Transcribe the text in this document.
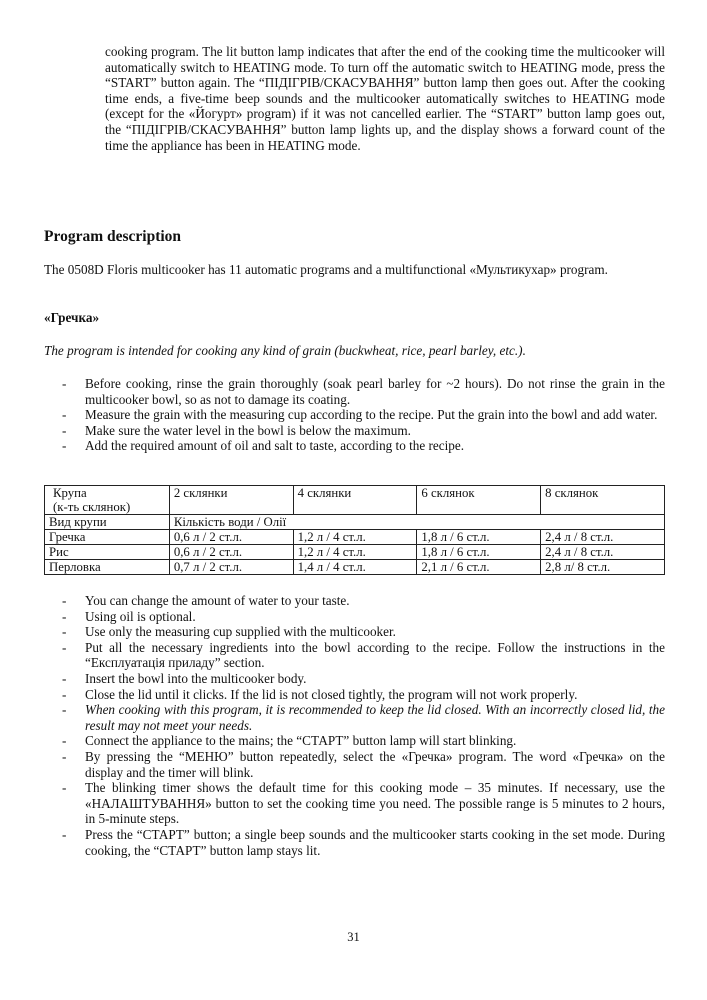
cooking program. The lit button lamp indicates that after the end of the cooking time the multicooker will automatically switch to HEATING mode. To turn off the automatic switch to HEATING mode, press the “START” button again. The “ПІДІГРІВ/СКАСУВАННЯ” button lamp then goes out. After the cooking time ends, a five-time beep sounds and the multicooker automatically switches to HEATING mode (except for the «Йогурт» program) if it was not cancelled earlier. The “START” button lamp goes out, the “ПІДІГРІВ/СКАСУВАННЯ” button lamp lights up, and the display shows a forward count of the time the appliance has been in HEATING mode.
Program description
The 0508D Floris multicooker has 11 automatic programs and a multifunctional «Мультикухар» program.
«Гречка»
The program is intended for cooking any kind of grain (buckwheat, rice, pearl barley, etc.).
- Before cooking, rinse the grain thoroughly (soak pearl barley for ~2 hours). Do not rinse the grain in the multicooker bowl, so as not to damage its coating.
- Measure the grain with the measuring cup according to the recipe. Put the grain into the bowl and add water.
- Make sure the water level in the bowl is below the maximum.
- Add the required amount of oil and salt to taste, according to the recipe.
Крупа
(к-ть склянок)	2 склянки	4 склянки	6 склянок	8 склянок
Вид крупи	Кількість води / Олії			
Гречка	0,6 л / 2 ст.л.	1,2 л / 4 ст.л.	1,8 л / 6 ст.л.	2,4 л / 8 ст.л.
Рис	0,6 л / 2 ст.л.	1,2 л / 4 ст.л.	1,8 л / 6 ст.л.	2,4 л / 8 ст.л.
Перловка	0,7 л / 2 ст.л.	1,4 л / 4 ст.л.	2,1 л / 6 ст.л.	2,8 л/ 8 ст.л.
- You can change the amount of water to your taste.
- Using oil is optional.
- Use only the measuring cup supplied with the multicooker.
- Put all the necessary ingredients into the bowl according to the recipe. Follow the instructions in the “Експлуатація приладу” section.
- Insert the bowl into the multicooker body.
- Close the lid until it clicks. If the lid is not closed tightly, the program will not work properly.
- When cooking with this program, it is recommended to keep the lid closed. With an incorrectly closed lid, the result may not meet your needs.
- Connect the appliance to the mains; the “СТАРТ” button lamp will start blinking.
- By pressing the “МЕНЮ” button repeatedly, select the «Гречка» program. The word «Гречка» on the display and the timer will blink.
- The blinking timer shows the default time for this cooking mode – 35 minutes. If necessary, use the «НАЛАШТУВАННЯ» button to set the cooking time you need. The possible range is 5 minutes to 2 hours, in 5-minute steps.
- Press the “СТАРТ” button; a single beep sounds and the multicooker starts cooking in the set mode. During cooking, the “СТАРТ” button lamp stays lit.
31
